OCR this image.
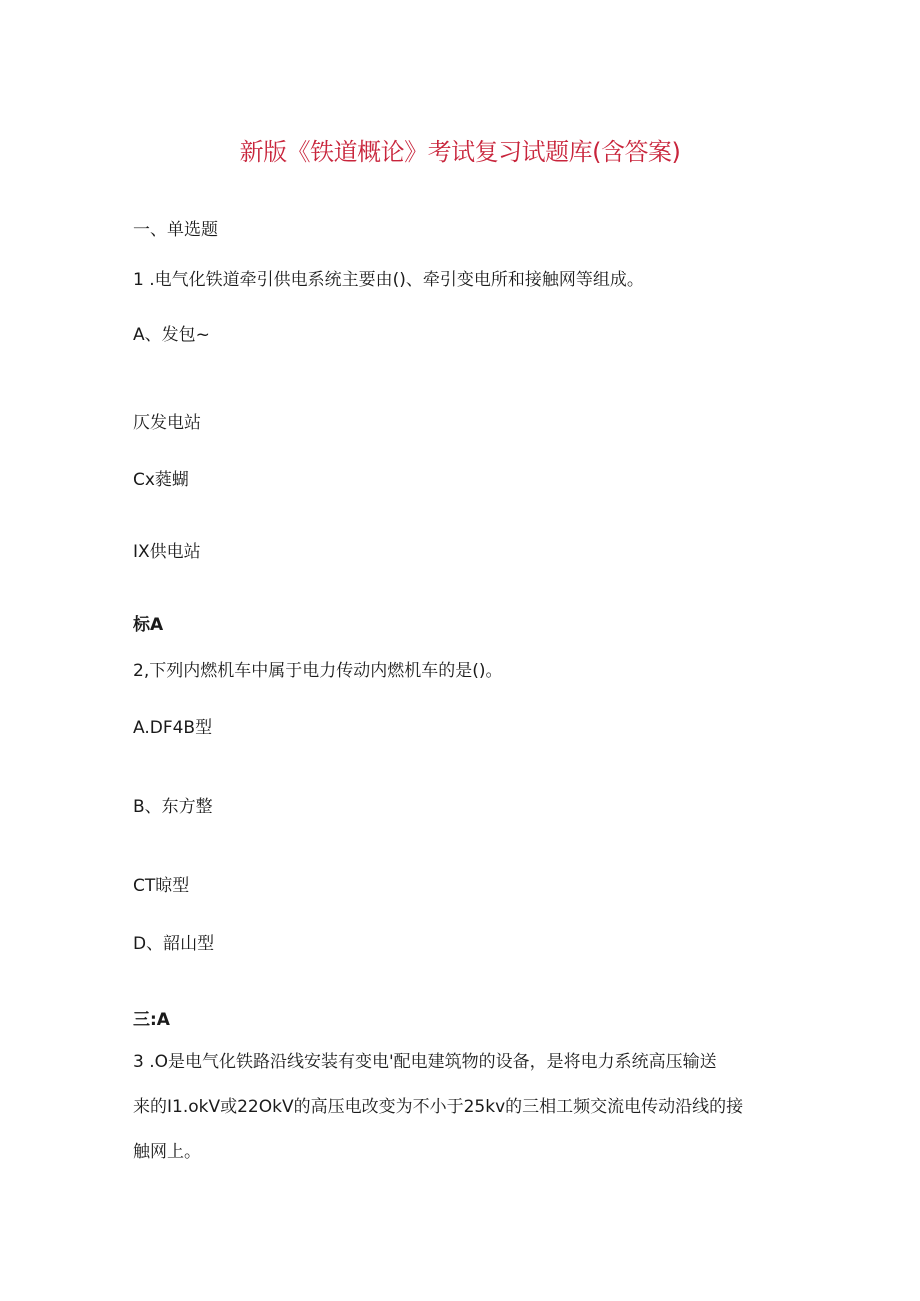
新版《铁道概论》考试复习试题库(含答案)
一、单选题
1 .电气化铁道牵引供电系统主要由()、牵引变电所和接触网等组成。
A、发包~
仄发电站
Cx蕤蝴
IX供电站
标A
2,下列内燃机车中属于电力传动内燃机车的是()。
A.DF4B型
B、东方整
CT晾型
D、韶山型
三:A
3 .O是电气化铁路沿线安装有变电'配电建筑物的设备，是将电力系统高压输送
来的I1.okV或22OkV的高压电改变为不小于25kv的三相工频交流电传动沿线的接
触网上。
